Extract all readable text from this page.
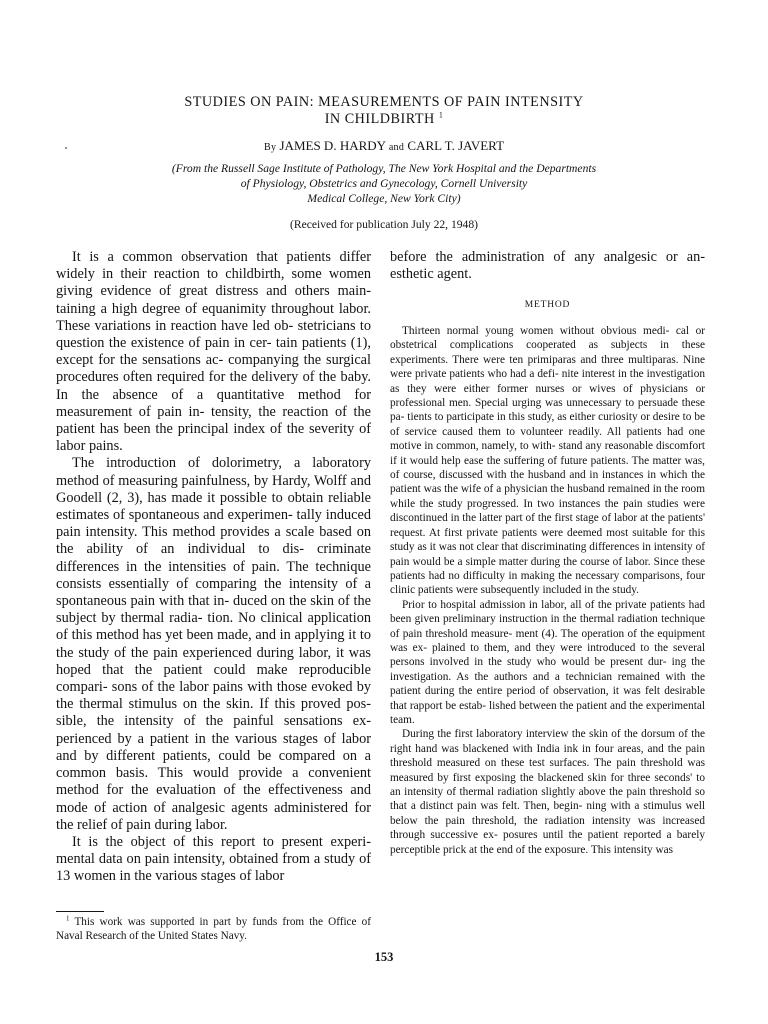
STUDIES ON PAIN: MEASUREMENTS OF PAIN INTENSITY
IN CHILDBIRTH $^1$
By JAMES D. HARDY and CARL T. JAVERT
(From the Russell Sage Institute of Pathology, The New York Hospital and the Departments
of Physiology, Obstetrics and Gynecology, Cornell University
Medical College, New York City)
(Received for publication July 22, 1948)

It is a common observation that patients differ widely in their reaction to childbirth, some women giving evidence of great distress and others main- taining a high degree of equanimity throughout labor. These variations in reaction have led ob- stetricians to question the existence of pain in cer- tain patients (1), except for the sensations ac- companying the surgical procedures often required for the delivery of the baby. In the absence of a quantitative method for measurement of pain in- tensity, the reaction of the patient has been the principal index of the severity of labor pains.

The introduction of dolorimetry, a laboratory method of measuring painfulness, by Hardy, Wolff and Goodell (2, 3), has made it possible to obtain reliable estimates of spontaneous and experimen- tally induced pain intensity. This method provides a scale based on the ability of an individual to dis- criminate differences in the intensities of pain. The technique consists essentially of comparing the intensity of a spontaneous pain with that in- duced on the skin of the subject by thermal radia- tion. No clinical application of this method has yet been made, and in applying it to the study of the pain experienced during labor, it was hoped that the patient could make reproducible compari- sons of the labor pains with those evoked by the thermal stimulus on the skin. If this proved pos- sible, the intensity of the painful sensations ex- perienced by a patient in the various stages of labor and by different patients, could be compared on a common basis. This would provide a convenient method for the evaluation of the effectiveness and mode of action of analgesic agents administered for the relief of pain during labor.

It is the object of this report to present experi- mental data on pain intensity, obtained from a study of 13 women in the various stages of labor

before the administration of any analgesic or an- esthetic agent.

METHOD

Thirteen normal young women without obvious medi- cal or obstetrical complications cooperated as subjects in these experiments. There were ten primiparas and three multiparas. Nine were private patients who had a defi- nite interest in the investigation as they were either former nurses or wives of physicians or professional men. Special urging was unnecessary to persuade these pa- tients to participate in this study, as either curiosity or desire to be of service caused them to volunteer readily. All patients had one motive in common, namely, to with- stand any reasonable discomfort if it would help ease the suffering of future patients. The matter was, of course, discussed with the husband and in instances in which the patient was the wife of a physician the husband remained in the room while the study progressed. In two instances the pain studies were discontinued in the latter part of the first stage of labor at the patients' request. At first private patients were deemed most suitable for this study as it was not clear that discriminating differences in intensity of pain would be a simple matter during the course of labor. Since these patients had no difficulty in making the necessary comparisons, four clinic patients were subsequently included in the study.

Prior to hospital admission in labor, all of the private patients had been given preliminary instruction in the thermal radiation technique of pain threshold measure- ment (4). The operation of the equipment was ex- plained to them, and they were introduced to the several persons involved in the study who would be present dur- ing the investigation. As the authors and a technician remained with the patient during the entire period of observation, it was felt desirable that rapport be estab- lished between the patient and the experimental team.

During the first laboratory interview the skin of the dorsum of the right hand was blackened with India ink in four areas, and the pain threshold measured on these test surfaces. The pain threshold was measured by first exposing the blackened skin for three seconds' to an intensity of thermal radiation slightly above the pain threshold so that a distinct pain was felt. Then, begin- ning with a stimulus well below the pain threshold, the radiation intensity was increased through successive ex- posures until the patient reported a barely perceptible prick at the end of the exposure. This intensity was

$^1$ This work was supported in part by funds from the Office of Naval Research of the United States Navy.
153
